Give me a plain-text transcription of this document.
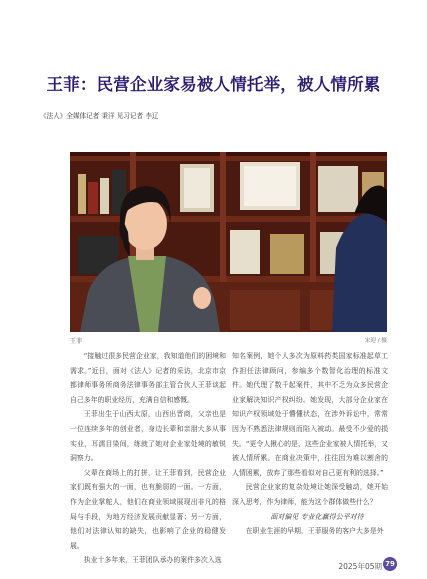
王菲：民营企业家易被人情托举，被人情所累
《法人》全媒体记者 秉洋 见习记者 李辽
王菲	宋迎 / 摄

“接触过很多民营企业家，我知道他们的困境和需求。”近日，面对《法人》记者的采访，北京市京都律师事务所商务法律事务部主管合伙人王菲谈起自己多年的职业经历，充满自信和感慨。

王菲出生于山西太原，山西出晋商，父亲也是一位连续多年的创业者，身边长辈和亲朋大多从事实业，耳濡目染间，练就了她对企业家处境的敏锐洞察力。

父辈在商场上的打拼，让王菲看到，民营企业家们既有强大的一面，也有脆弱的一面。一方面，作为企业掌舵人，他们在商业领域展现出非凡的格局与手段，为地方经济发展贡献显著；另一方面，他们对法律认知的缺失，也影响了企业的稳健发展。

执业十多年来，王菲团队承办的案件多次入选

知名案例，她个人多次为原料药类国家标准起草工作担任法律顾问，参编多个数智化治理的标准文件。她代理了数千起案件，其中不乏为众多民营企业家解决知识产权纠纷。她发现，大部分企业家在知识产权领域处于懵懂状态，在涉外诉讼中，常常因为不熟悉法律规则而陷入被动。最受不少爱的损失。“更令人揪心的是，这些企业家被人情托举，又被人情所累。在商业决策中，往往因为难以割舍的人情困累，放弃了那些看似对自己更有利的选择。”

民营企业家的复杂处境让她深受触动，她开始深入思考，作为律师，能为这个群体做些什么？

面对偏见 专业化赢得公平对待

在职业生涯的早期，王菲服务的客户大多是外

2025年05期 79
